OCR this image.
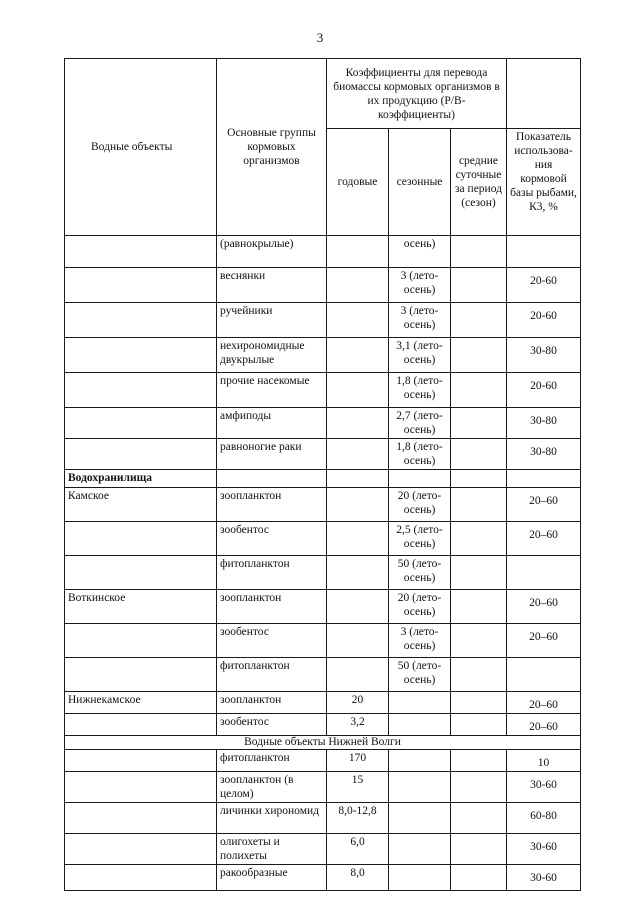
3
Водные объекты	Основные группы кормовых организмов	Коэффициенты для перевода биомассы кормовых организмов в их продукцию (Р/В-коэффициенты)			
		годовые	сезонные	средние суточные за период (сезон)	Показатель использова-ния кормовой базы рыбами, К3, %
	(равнокрылые)		осень)		
	веснянки		3 (лето-осень)		20-60
	ручейники		3 (лето-осень)		20-60
	нехирономидные двукрылые		3,1 (лето-осень)		30-80
	прочие насекомые		1,8 (лето-осень)		20-60
	амфиподы		2,7 (лето-осень)		30-80
	равноногие раки		1,8 (лето-осень)		30-80
Водохранилища					
Камское	зоопланктон		20 (лето-осень)		20–60
	зообентос		2,5 (лето-осень)		20–60
	фитопланктон		50 (лето-осень)		
Воткинское	зоопланктон		20 (лето-осень)		20–60
	зообентос		3 (лето-осень)		20–60
	фитопланктон		50 (лето-осень)		
Нижнекамское	зоопланктон	20			20–60
	зообентос	3,2			20–60
Водные объекты Нижней Волги					
	фитопланктон	170			10
	зоопланктон (в целом)	15			30-60
	личинки хирономид	8,0-12,8			60-80
	олигохеты и полихеты	6,0			30-60
	ракообразные	8,0			30-60
